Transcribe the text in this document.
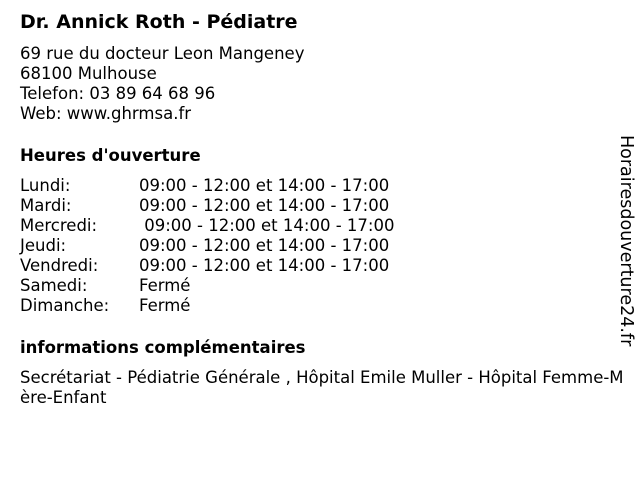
Dr. Annick Roth - Pédiatre
69 rue du docteur Leon Mangeney
68100 Mulhouse
Telefon: 03 89 64 68 96
Web: www.ghrmsa.fr
Heures d'ouverture
Lundi:	09:00 - 12:00 et 14:00 - 17:00
Mardi:	09:00 - 12:00 et 14:00 - 17:00
Mercredi:	09:00 - 12:00 et 14:00 - 17:00
Jeudi:	09:00 - 12:00 et 14:00 - 17:00
Vendredi:	09:00 - 12:00 et 14:00 - 17:00
Samedi:	Fermé
Dimanche:	Fermé
informations complémentaires
Secrétariat - Pédiatrie Générale , Hôpital Emile Muller - Hôpital Femme-Mère-Enfant
Horairesdouverture24.fr
